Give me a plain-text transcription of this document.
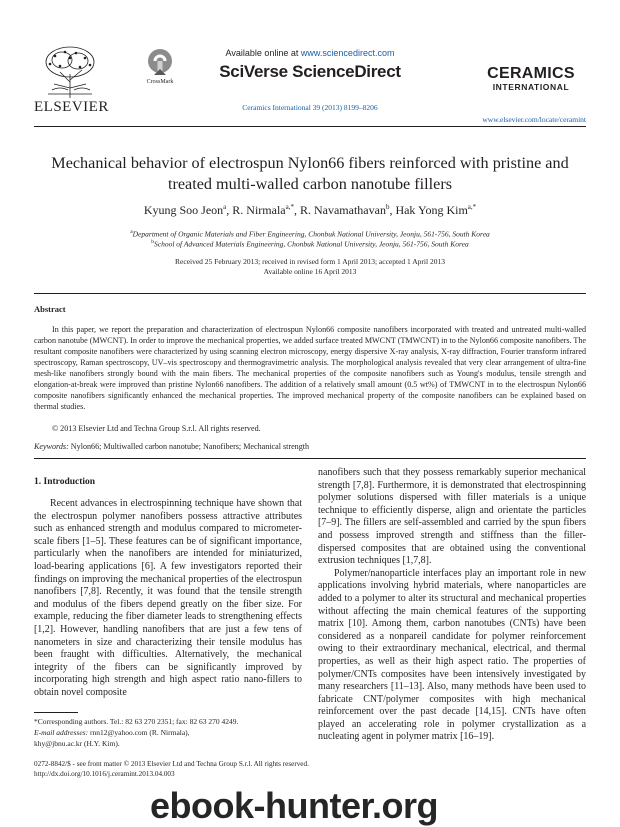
ELSEVIER
CrossMark
Available online at www.sciencedirect.com
SciVerse ScienceDirect
Ceramics International 39 (2013) 8199–8206
CERAMICS
INTERNATIONAL
www.elsevier.com/locate/ceramint
Mechanical behavior of electrospun Nylon66 fibers reinforced with pristine and treated multi-walled carbon nanotube fillers
Kyung Soo Jeon$^a$, R. Nirmala$^{a,*}$, R. Navamathavan$^b$, Hak Yong Kim$^{a,*}$
$^a$Department of Organic Materials and Fiber Engineering, Chonbuk National University, Jeonju, 561-756, South Korea
$^b$School of Advanced Materials Engineering, Chonbuk National University, Jeonju, 561-756, South Korea
Received 25 February 2013; received in revised form 1 April 2013; accepted 1 April 2013
Available online 16 April 2013
Abstract
In this paper, we report the preparation and characterization of electrospun Nylon66 composite nanofibers incorporated with treated and untreated multi-walled carbon nanotube (MWCNT). In order to improve the mechanical properties, we added surface treated MWCNT (TMWCNT) in to the Nylon66 composite nanofibers. The resultant composite nanofibers were characterized by using scanning electron microscopy, energy dispersive X-ray analysis, X-ray diffraction, Fourier transform infrared spectroscopy, Raman spectroscopy, UV–vis spectroscopy and thermogravimetric analysis. The morphological analysis revealed that very clear arrangement of ultra-fine mesh-like nanofibers strongly bound with the main fibers. The mechanical properties of the composite nanofibers such as Young's modulus, tensile strength and elongation-at-break were improved than pristine Nylon66 nanofibers. The addition of a relatively small amount (0.5 wt%) of TMWCNT in to the electrospun Nylon66 composite nanofibers significantly enhanced the mechanical properties. The improved mechanical property of the composite nanofibers can be explained based on thermal studies.
© 2013 Elsevier Ltd and Techna Group S.r.l. All rights reserved.
Keywords: Nylon66; Multiwalled carbon nanotube; Nanofibers; Mechanical strength
1. Introduction

Recent advances in electrospinning technique have shown that the electrospun polymer nanofibers possess attractive attributes such as enhanced strength and modulus compared to micrometer-scale fibers [1–5]. These features can be of significant importance, particularly when the nanofibers are intended for miniaturized, load-bearing applications [6]. A few investigators reported their findings on improving the mechanical properties of the electrospun nanofibers [7,8]. Recently, it was found that the tensile strength and modulus of the fibers depend greatly on the fiber size. For example, reducing the fiber diameter leads to strengthening effects [1,2]. However, handling nanofibers that are just a few tens of nanometers in size and characterizing their tensile modulus has been fraught with difficulties. Alternatively, the mechanical integrity of the fibers can be significantly improved by incorporating high strength and high aspect ratio nano-fillers to obtain novel composite

nanofibers such that they possess remarkably superior mechanical strength [7,8]. Furthermore, it is demonstrated that electrospinning polymer solutions dispersed with filler materials is a unique technique to efficiently disperse, align and orientate the particles [7–9]. The fillers are self-assembled and carried by the spun fibers and possess improved strength and stiffness than the filler-dispersed composites that are obtained using the conventional extrusion techniques [1,7,8].

Polymer/nanoparticle interfaces play an important role in new applications involving hybrid materials, where nanoparticles are added to a polymer to alter its structural and mechanical properties without affecting the main chemical features of the supporting matrix [10]. Among them, carbon nanotubes (CNTs) have been considered as a nonpareil candidate for polymer reinforcement owing to their extraordinary mechanical, electrical, and thermal properties, as well as their high aspect ratio. The properties of polymer/CNTs composites have been intensively investigated by many researchers [11–13]. Also, many methods have been used to fabricate CNT/polymer composites with high mechanical reinforcement over the past decade [14,15]. CNTs have often played an accelerating role in polymer crystallization as a nucleating agent in polymer matrix [16–19].

*Corresponding authors. Tel.: 82 63 270 2351; fax: 82 63 270 4249.
E-mail addresses: rnn12@yahoo.com (R. Nirmala),
khy@jbnu.ac.kr (H.Y. Kim).
0272-8842/$ - see front matter © 2013 Elsevier Ltd and Techna Group S.r.l. All rights reserved.
http://dx.doi.org/10.1016/j.ceramint.2013.04.003
ebook-hunter.org
